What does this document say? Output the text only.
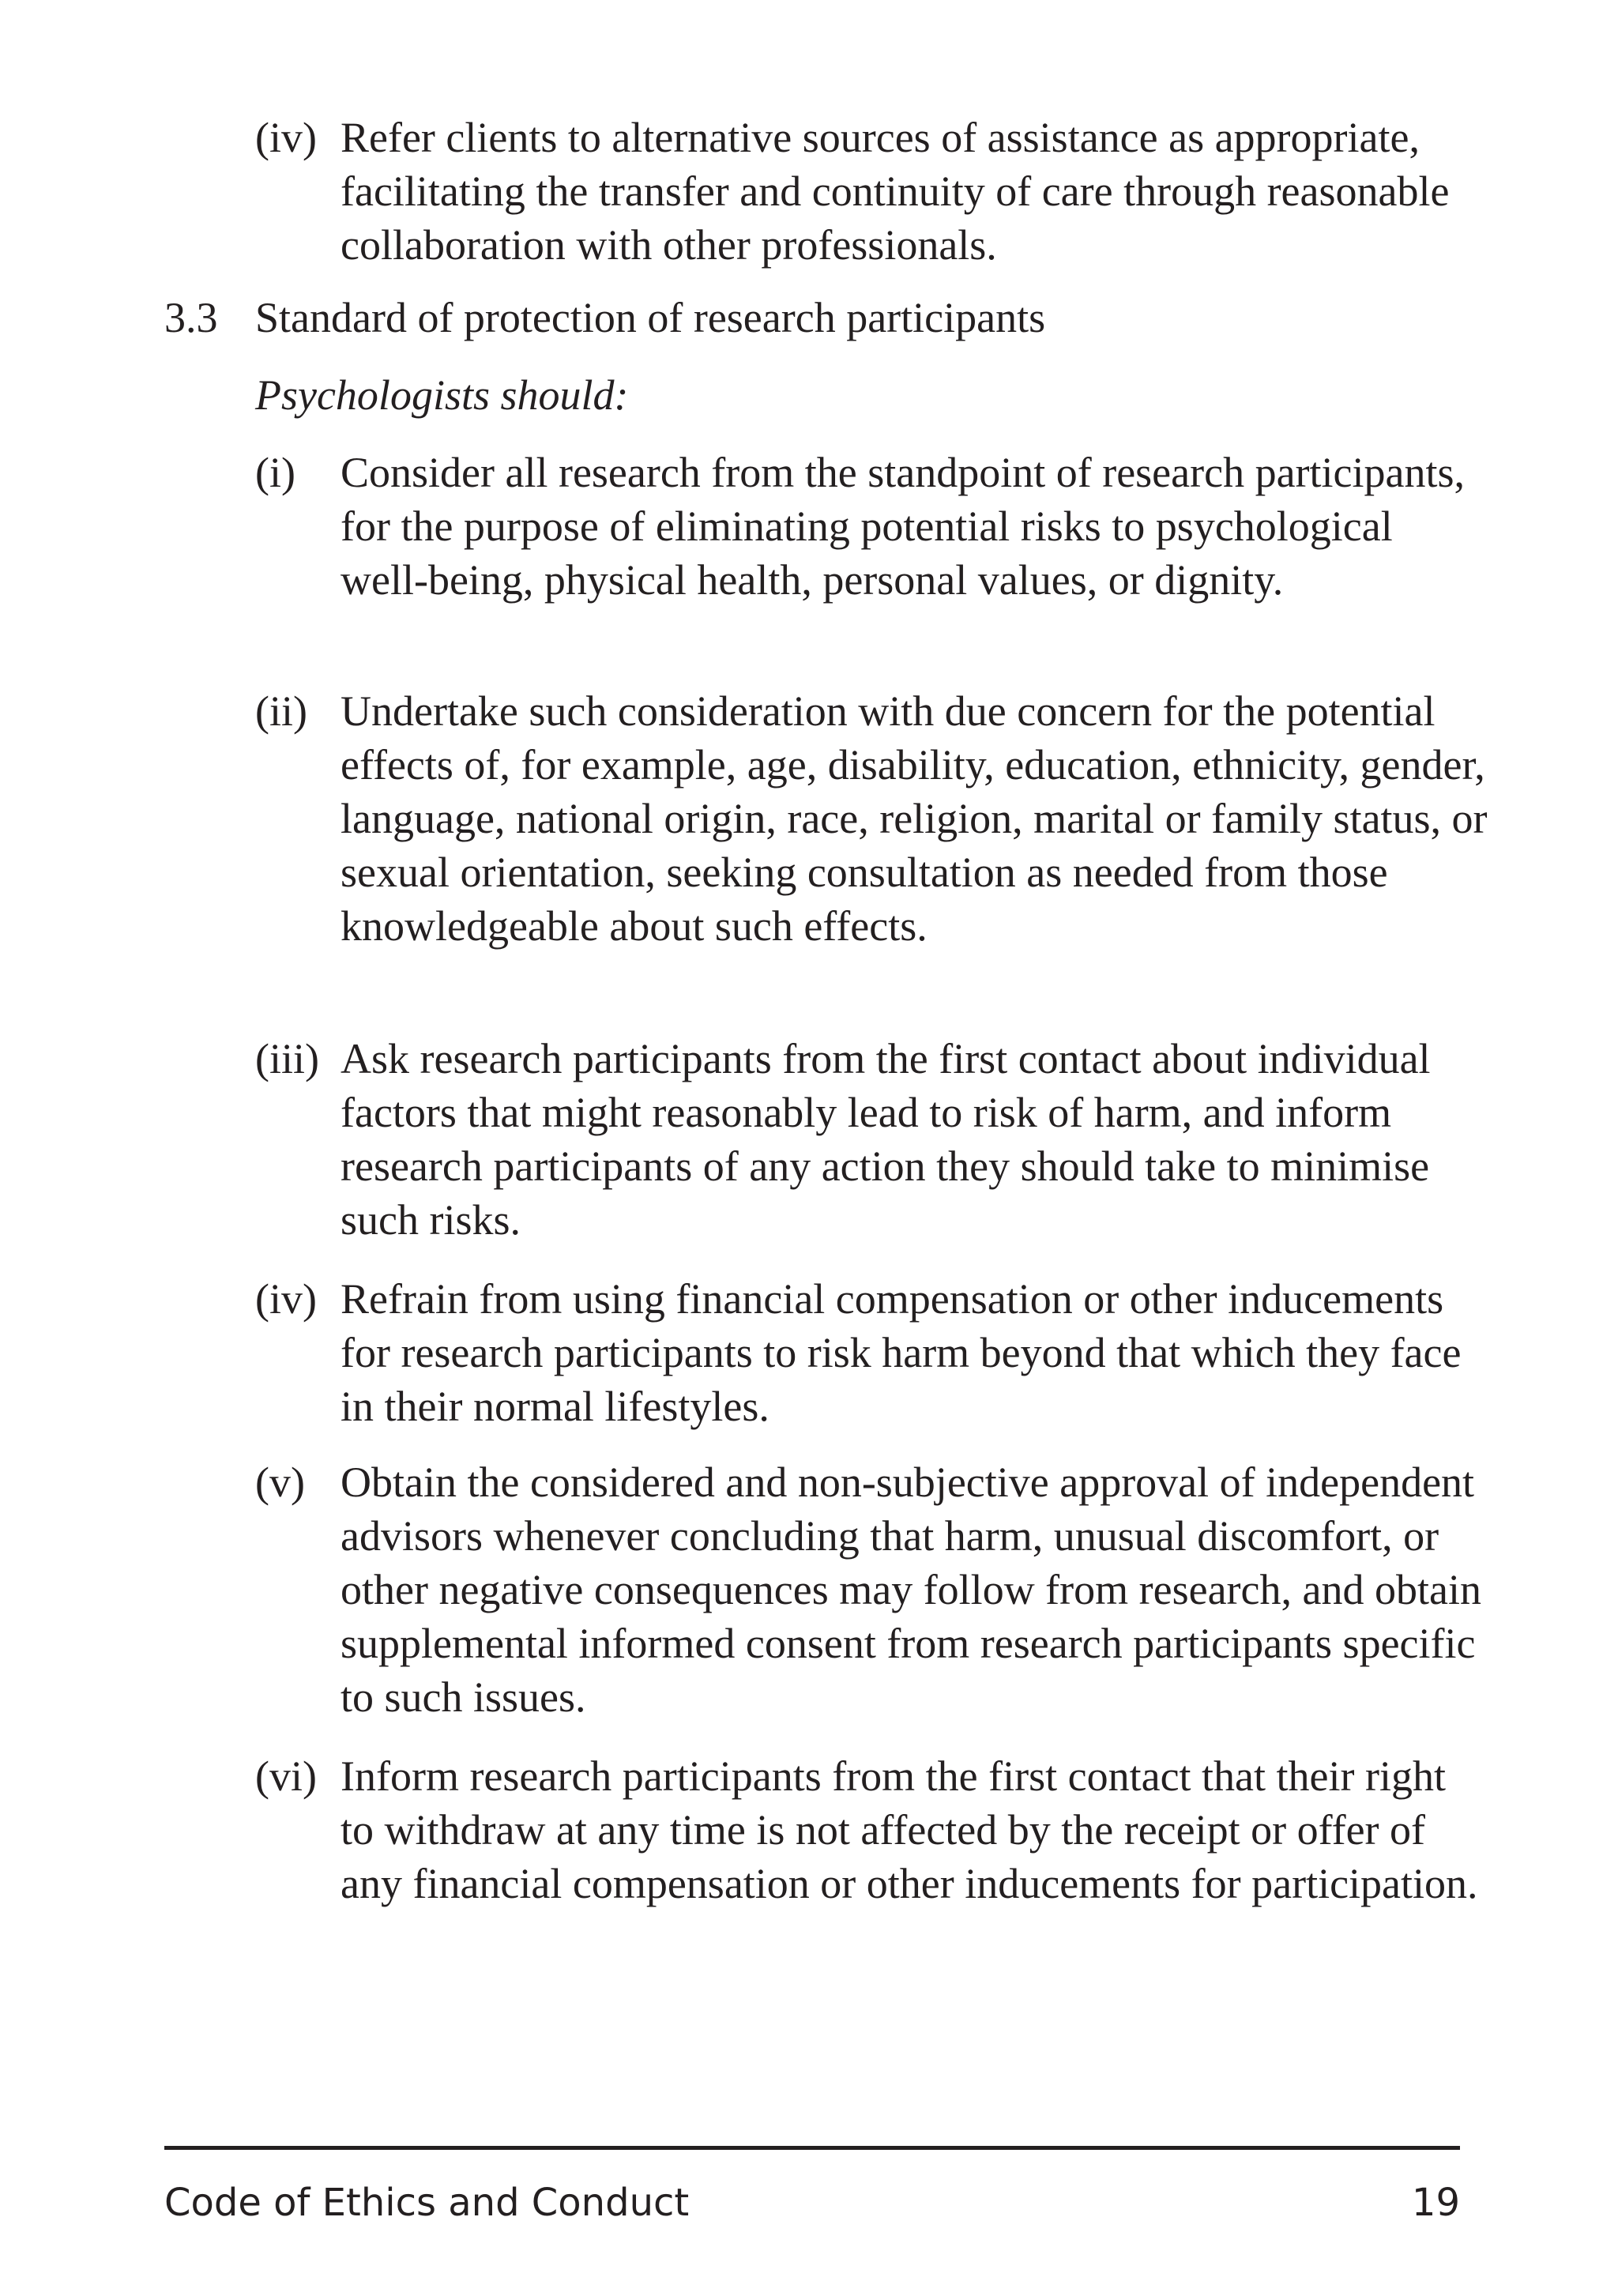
(iv) Refer clients to alternative sources of assistance as appropriate, facilitating the transfer and continuity of care through reasonable collaboration with other professionals.
3.3 Standard of protection of research participants
Psychologists should:
(i) Consider all research from the standpoint of research participants, for the purpose of eliminating potential risks to psychological well-being, physical health, personal values, or dignity.
(ii) Undertake such consideration with due concern for the potential effects of, for example, age, disability, education, ethnicity, gender, language, national origin, race, religion, marital or family status, or sexual orientation, seeking consultation as needed from those knowledgeable about such effects.
(iii) Ask research participants from the first contact about individual factors that might reasonably lead to risk of harm, and inform research participants of any action they should take to minimise such risks.
(iv) Refrain from using financial compensation or other inducements for research participants to risk harm beyond that which they face in their normal lifestyles.
(v) Obtain the considered and non-subjective approval of independent advisors whenever concluding that harm, unusual discomfort, or other negative consequences may follow from research, and obtain supplemental informed consent from research participants specific to such issues.
(vi) Inform research participants from the first contact that their right to withdraw at any time is not affected by the receipt or offer of any financial compensation or other inducements for participation.
Code of Ethics and Conduct	19
